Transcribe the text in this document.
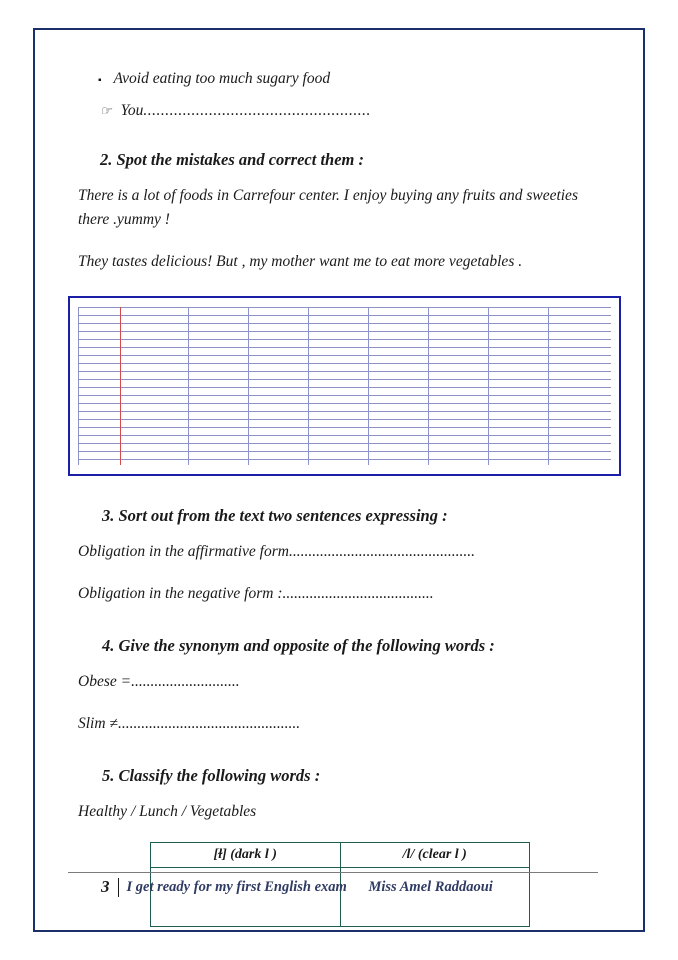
▪ Avoid eating too much sugary food
☞ You ....................................................
2. Spot the mistakes and correct them :

There is a lot of foods in Carrefour center. I enjoy buying any fruits and sweeties there .yummy !

They tastes delicious! But , my mother want me to eat more vegetables .

3. Sort out from the text two sentences expressing :

Obligation in the affirmative form................................................

Obligation in the negative form :.......................................

4. Give the synonym and opposite of the following words :

Obese =............................

Slim ≠...............................................

5. Classify the following words :

Healthy / Lunch / Vegetables

[ɫ] (dark l )	/l/ (clear l )

3 I get ready for my first English exam Miss Amel Raddaoui
